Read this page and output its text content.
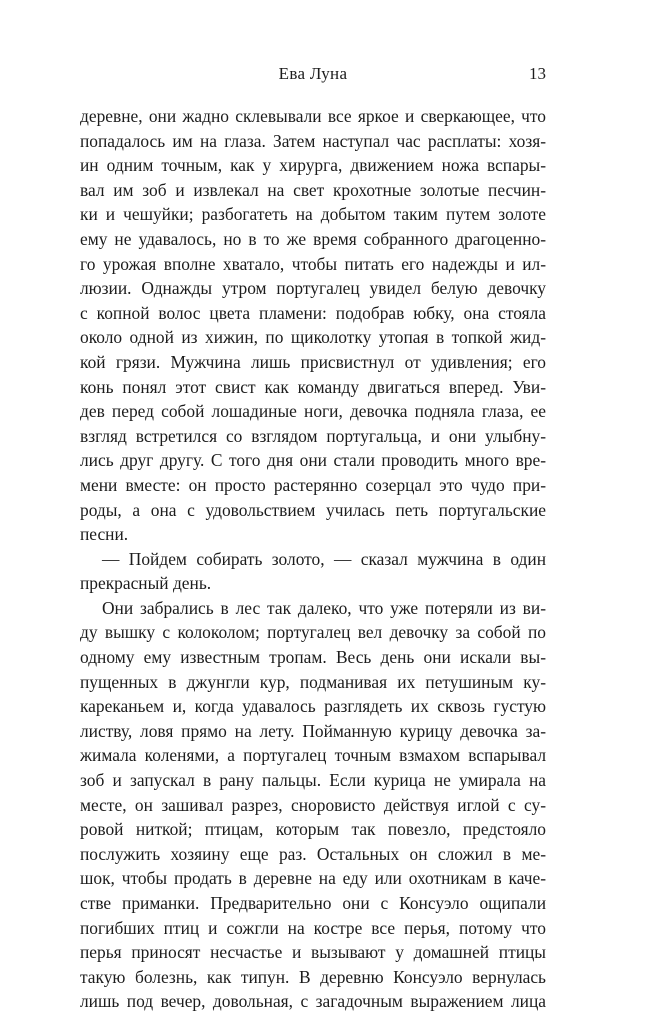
Ева Луна	13
деревне, они жадно склевывали все яркое и сверкающее, что
попадалось им на глаза. Затем наступал час расплаты: хозя-
ин одним точным, как у хирурга, движением ножа вспары-
вал им зоб и извлекал на свет крохотные золотые песчин-
ки и чешуйки; разбогатеть на добытом таким путем золоте
ему не удавалось, но в то же время собранного драгоценно-
го урожая вполне хватало, чтобы питать его надежды и ил-
люзии. Однажды утром португалец увидел белую девочку
с копной волос цвета пламени: подобрав юбку, она стояла
около одной из хижин, по щиколотку утопая в топкой жид-
кой грязи. Мужчина лишь присвистнул от удивления; его
конь понял этот свист как команду двигаться вперед. Уви-
дев перед собой лошадиные ноги, девочка подняла глаза, ее
взгляд встретился со взглядом португальца, и они улыбну-
лись друг другу. С того дня они стали проводить много вре-
мени вместе: он просто растерянно созерцал это чудо при-
роды, а она с удовольствием училась петь португальские
песни.
— Пойдем собирать золото, — сказал мужчина в один
прекрасный день.
Они забрались в лес так далеко, что уже потеряли из ви-
ду вышку с колоколом; португалец вел девочку за собой по
одному ему известным тропам. Весь день они искали вы-
пущенных в джунгли кур, подманивая их петушиным ку-
кареканьем и, когда удавалось разглядеть их сквозь густую
листву, ловя прямо на лету. Пойманную курицу девочка за-
жимала коленями, а португалец точным взмахом вспарывал
зоб и запускал в рану пальцы. Если курица не умирала на
месте, он зашивал разрез, сноровисто действуя иглой с су-
ровой ниткой; птицам, которым так повезло, предстояло
послужить хозяину еще раз. Остальных он сложил в ме-
шок, чтобы продать в деревне на еду или охотникам в каче-
стве приманки. Предварительно они с Консуэло ощипали
погибших птиц и сожгли на костре все перья, потому что
перья приносят несчастье и вызывают у домашней птицы
такую болезнь, как типун. В деревню Консуэло вернулась
лишь под вечер, довольная, с загадочным выражением лица
